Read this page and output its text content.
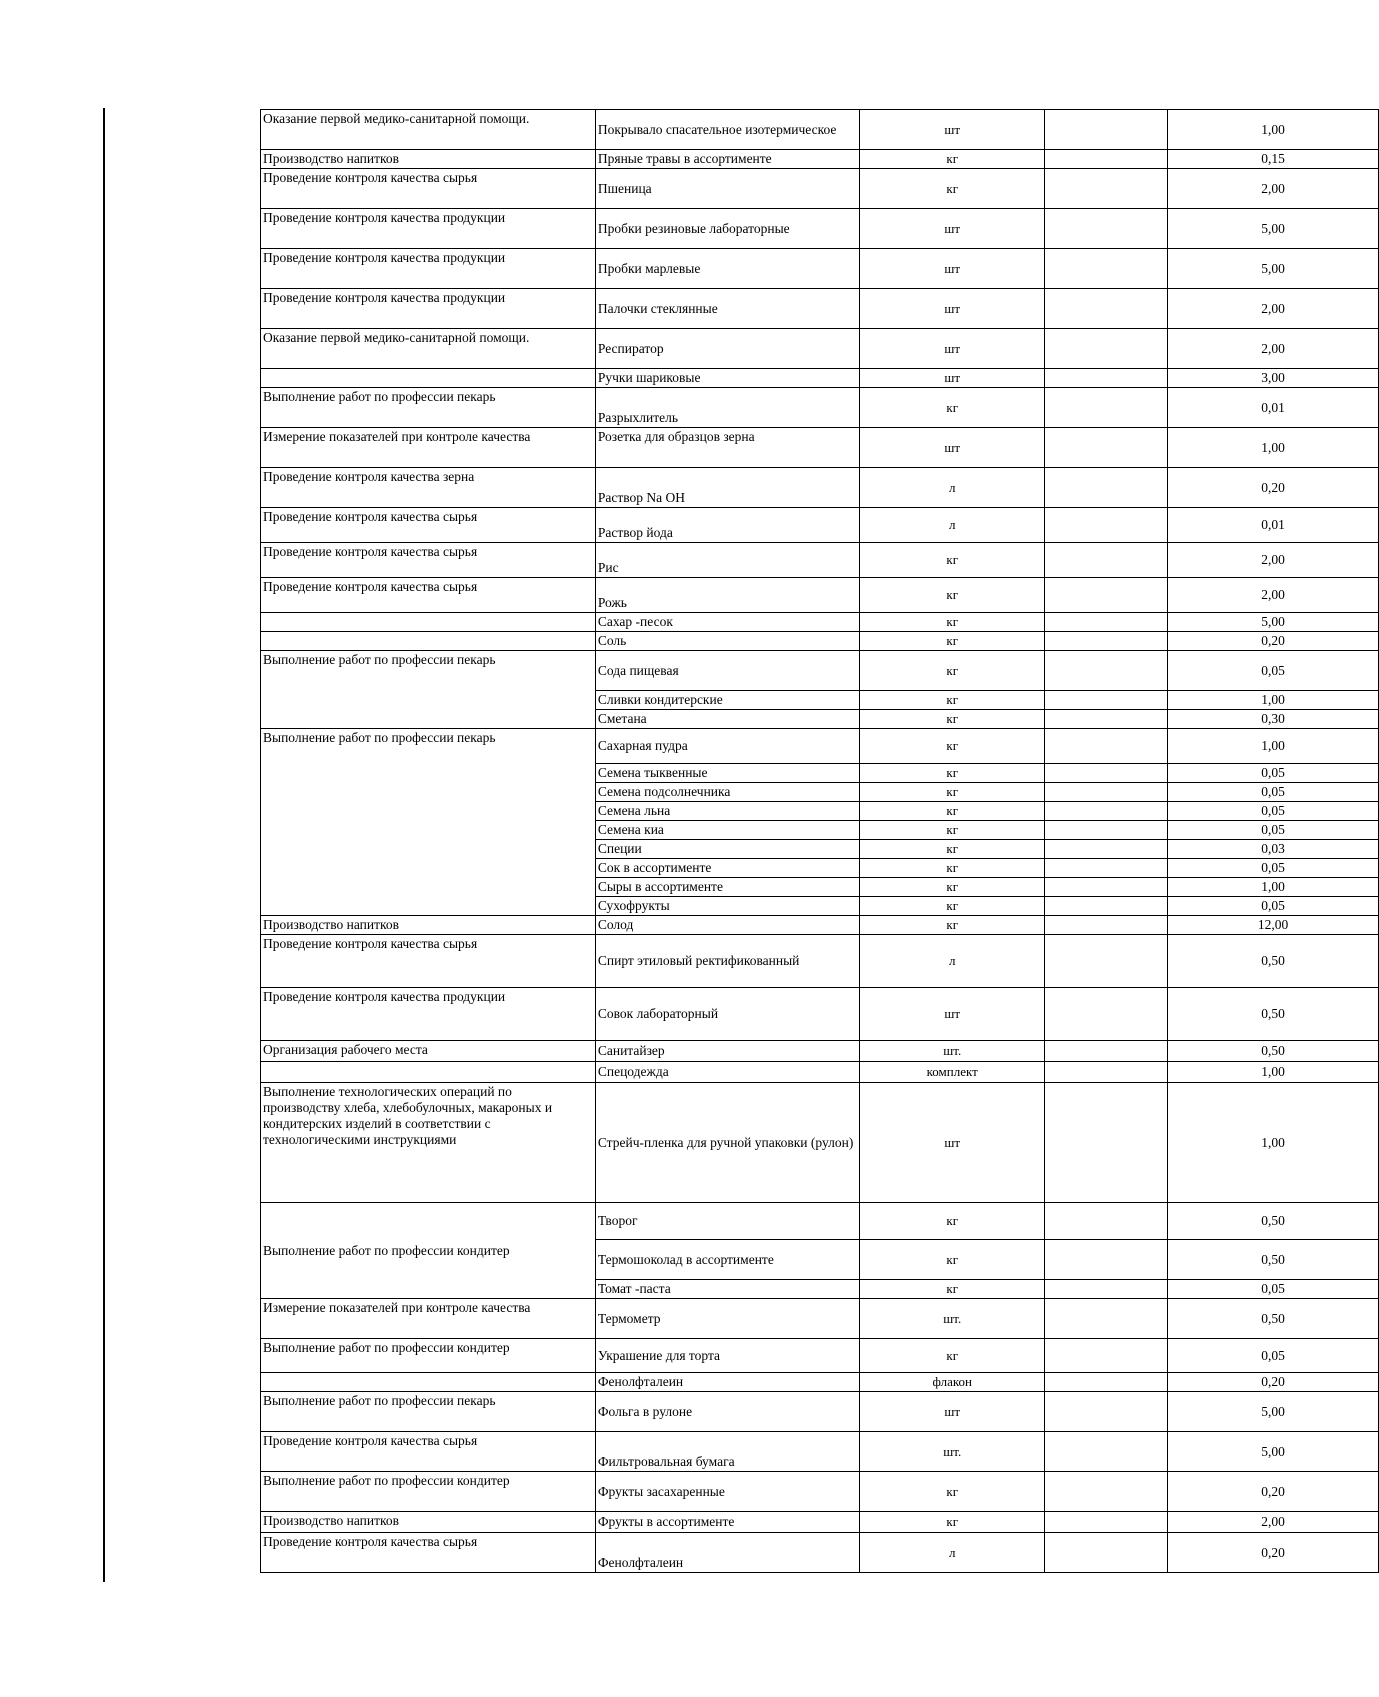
Оказание первой медико-санитарной помощи.	Покрывало спасательное изотермическое	шт		1,00
Производство напитков	Пряные травы в ассортименте	кг		0,15
Проведение контроля качества сырья	Пшеница	кг		2,00
Проведение контроля качества продукции	Пробки резиновые лабораторные	шт		5,00
Проведение контроля качества продукции	Пробки марлевые	шт		5,00
Проведение контроля качества продукции	Палочки стеклянные	шт		2,00
Оказание первой медико-санитарной помощи.	Респиратор	шт		2,00
	Ручки шариковые	шт		3,00
Выполнение работ по профессии пекарь	Разрыхлитель	кг		0,01
Измерение показателей при контроле качества	Розетка для образцов зерна	шт		1,00
Проведение контроля качества зерна	Раствор Na OH	л		0,20
Проведение контроля качества сырья	Раствор йода	л		0,01
Проведение контроля качества сырья	Рис	кг		2,00
Проведение контроля качества сырья	Рожь	кг		2,00
	Сахар -песок	кг		5,00
	Соль	кг		0,20
Выполнение работ по профессии пекарь	Сода пищевая	кг		0,05
	Сливки кондитерские	кг		1,00
	Сметана	кг		0,30
Выполнение работ по профессии пекарь	Сахарная пудра	кг		1,00
	Семена тыквенные	кг		0,05
	Семена подсолнечника	кг		0,05
	Семена льна	кг		0,05
	Семена киа	кг		0,05
	Специи	кг		0,03
	Сок в ассортименте	кг		0,05
	Сыры в ассортименте	кг		1,00
	Сухофрукты	кг		0,05
Производство напитков	Солод	кг		12,00
Проведение контроля качества сырья	Спирт этиловый ректификованный	л		0,50
Проведение контроля качества продукции	Совок лабораторный	шт		0,50
Организация рабочего места	Санитайзер	шт.		0,50
	Спецодежда	комплект		1,00
Выполнение технологических операций по производству хлеба, хлебобулочных, макароных и кондитерских изделий в соответствии с технологическими инструкциями	Стрейч-пленка для ручной упаковки (рулон)	шт		1,00
Выполнение работ по профессии кондитер	Творог	кг		0,50
	Термошоколад в ассортименте	кг		0,50
	Томат -паста	кг		0,05
Измерение показателей при контроле качества	Термометр	шт.		0,50
Выполнение работ по профессии кондитер	Украшение для торта	кг		0,05
	Фенолфталеин	флакон		0,20
Выполнение работ по профессии пекарь	Фольга в рулоне	шт		5,00
Проведение контроля качества сырья	Фильтровальная бумага	шт.		5,00
Выполнение работ по профессии кондитер	Фрукты засахаренные	кг		0,20
Производство напитков	Фрукты в ассортименте	кг		2,00
Проведение контроля качества сырья	Фенолфталеин	л		0,20
